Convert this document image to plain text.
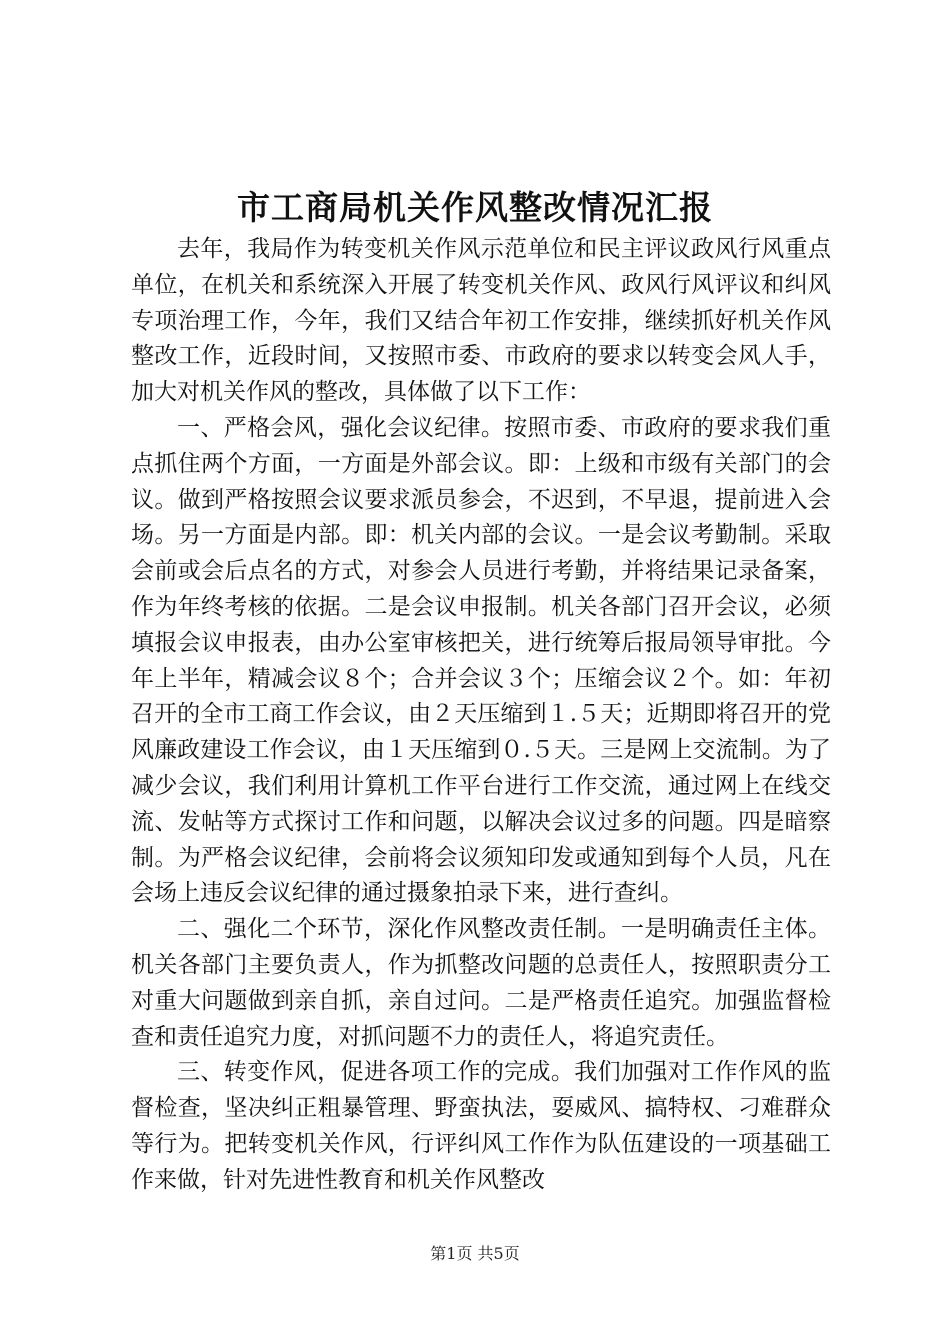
市工商局机关作风整改情况汇报

去年，我局作为转变机关作风示范单位和民主评议政风行风重点单位，在机关和系统深入开展了转变机关作风、政风行风评议和纠风专项治理工作，今年，我们又结合年初工作安排，继续抓好机关作风整改工作，近段时间，又按照市委、市政府的要求以转变会风人手，加大对机关作风的整改，具体做了以下工作：

一、严格会风，强化会议纪律。按照市委、市政府的要求我们重点抓住两个方面，一方面是外部会议。即：上级和市级有关部门的会议。做到严格按照会议要求派员参会，不迟到，不早退，提前进入会场。另一方面是内部。即：机关内部的会议。一是会议考勤制。采取会前或会后点名的方式，对参会人员进行考勤，并将结果记录备案，作为年终考核的依据。二是会议申报制。机关各部门召开会议，必须填报会议申报表，由办公室审核把关，进行统筹后报局领导审批。今年上半年，精减会议８个；合并会议３个；压缩会议２个。如：年初召开的全市工商工作会议，由２天压缩到１.５天；近期即将召开的党风廉政建设工作会议，由１天压缩到０.５天。三是网上交流制。为了减少会议，我们利用计算机工作平台进行工作交流，通过网上在线交流、发帖等方式探讨工作和问题，以解决会议过多的问题。四是暗察制。为严格会议纪律，会前将会议须知印发或通知到每个人员，凡在会场上违反会议纪律的通过摄象拍录下来，进行查纠。

二、强化二个环节，深化作风整改责任制。一是明确责任主体。机关各部门主要负责人，作为抓整改问题的总责任人，按照职责分工对重大问题做到亲自抓，亲自过问。二是严格责任追究。加强监督检查和责任追究力度，对抓问题不力的责任人，将追究责任。

三、转变作风，促进各项工作的完成。我们加强对工作作风的监督检查，坚决纠正粗暴管理、野蛮执法，耍威风、搞特权、刁难群众等行为。把转变机关作风，行评纠风工作作为队伍建设的一项基础工作来做，针对先进性教育和机关作风整改

第1页 共5页
